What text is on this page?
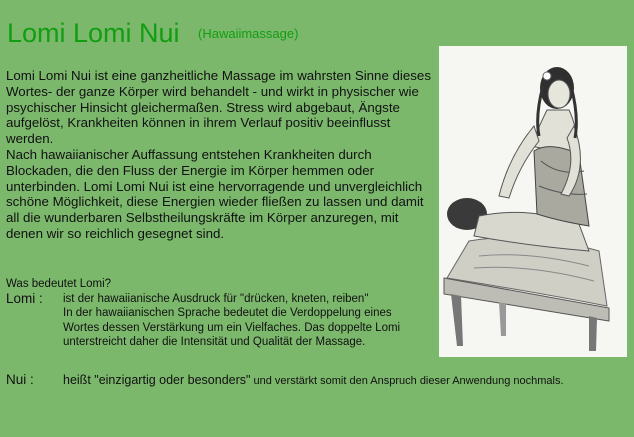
Lomi Lomi Nui $^{(Hawaiimassage)}$

Lomi Lomi Nui ist eine ganzheitliche Massage im wahrsten Sinne dieses Wortes- der ganze Körper wird behandelt - und wirkt in physischer wie psychischer Hinsicht gleichermaßen. Stress wird abgebaut, Ängste aufgelöst, Krankheiten können in ihrem Verlauf positiv beeinflusst werden.

Nach hawaiianischer Auffassung entstehen Krankheiten durch Blockaden, die den Fluss der Energie im Körper hemmen oder unterbinden. Lomi Lomi Nui ist eine hervorragende und unvergleichlich schöne Möglichkeit, diese Energien wieder fließen zu lassen und damit all die wunderbaren Selbstheilungskräfte im Körper anzuregen, mit denen wir so reichlich gesegnet sind.

Was bedeutet Lomi?
Lomi :	ist der hawaiianische Ausdruck für "drücken, kneten, reiben"
In der hawaiianischen Sprache bedeutet die Verdoppelung eines Wortes dessen Verstärkung um ein Vielfaches. Das doppelte Lomi unterstreicht daher die Intensität und Qualität der Massage.
Nui :	heißt "einzigartig oder besonders" und verstärkt somit den Anspruch dieser Anwendung nochmals.
